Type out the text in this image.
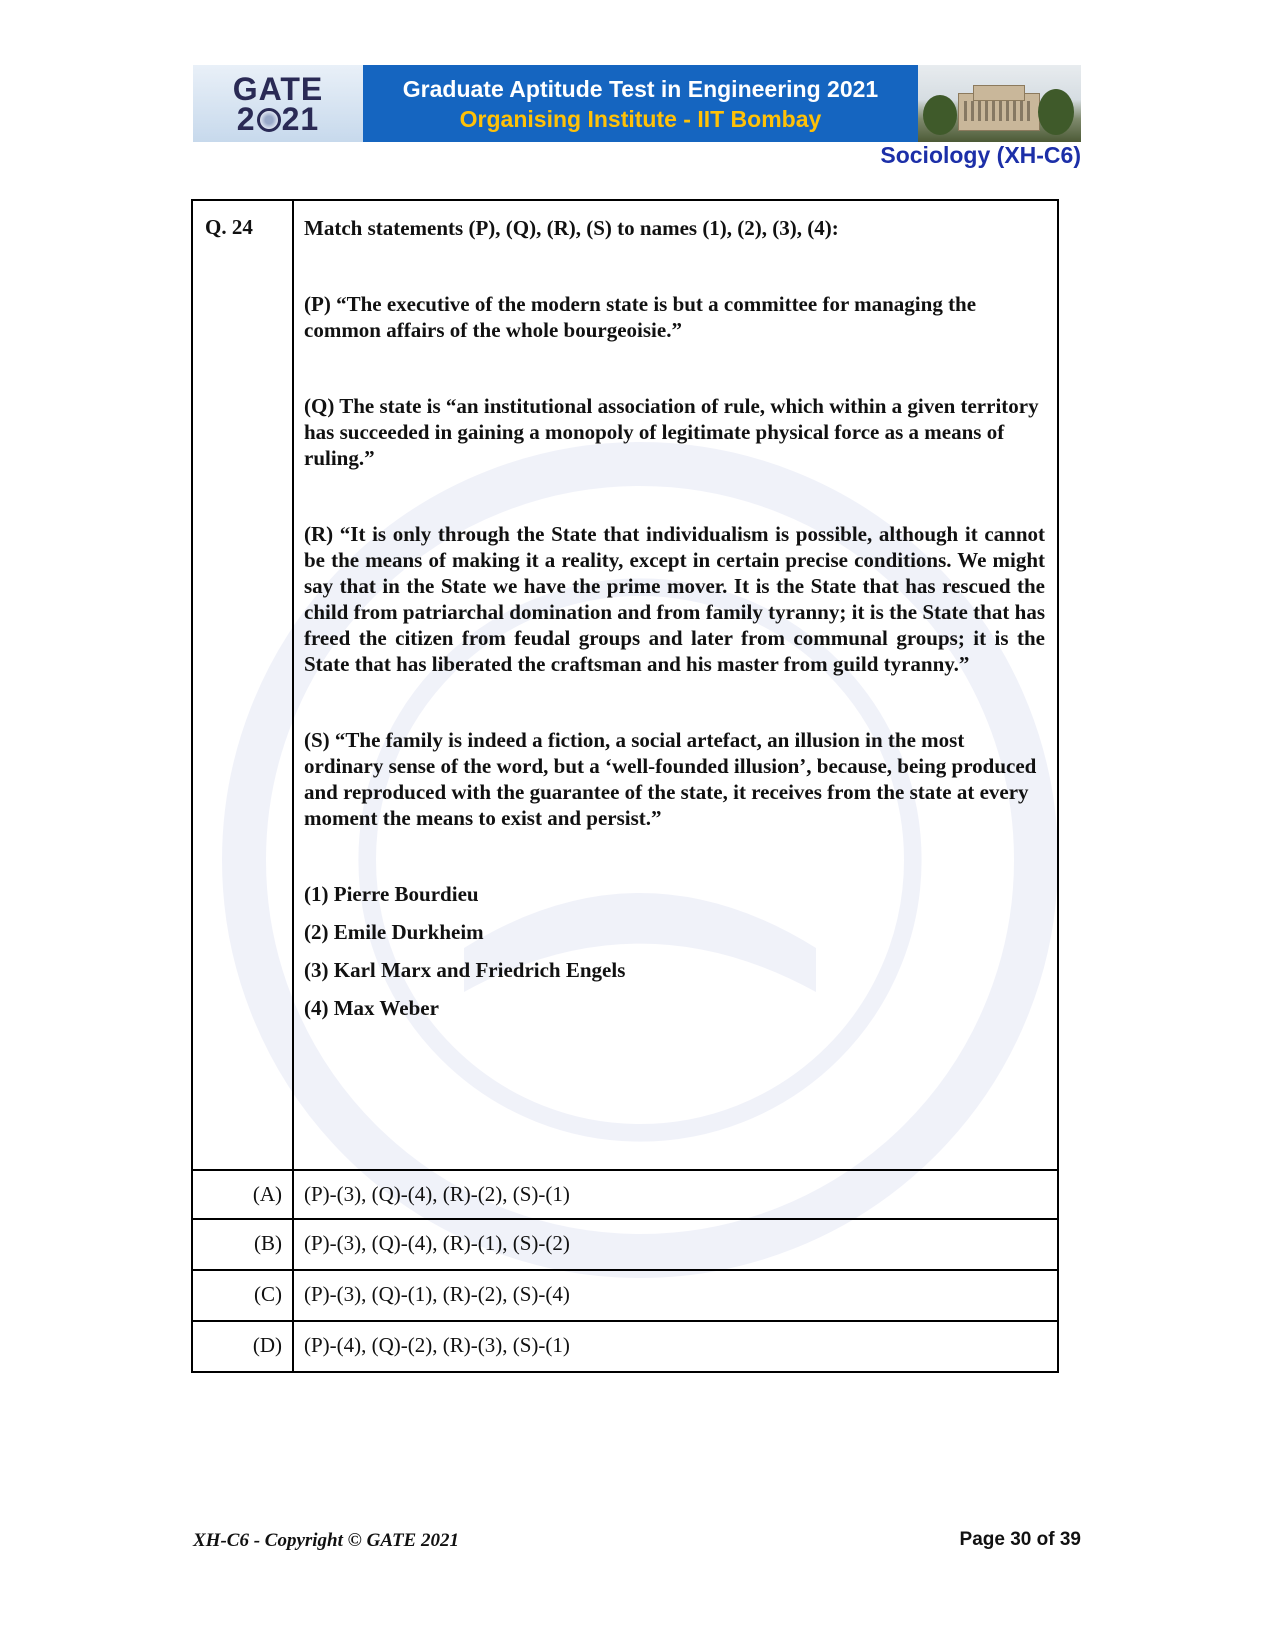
GATE
2 21
Graduate Aptitude Test in Engineering 2021
Organising Institute - IIT Bombay
Sociology (XH-C6)
Q. 24	Match statements (P), (Q), (R), (S) to names (1), (2), (3), (4):

(P) “The executive of the modern state is but a committee for managing the common affairs of the whole bourgeoisie.”

(Q) The state is “an institutional association of rule, which within a given territory has succeeded in gaining a monopoly of legitimate physical force as a means of ruling.”

(R) “It is only through the State that individualism is possible, although it cannot be the means of making it a reality, except in certain precise conditions. We might say that in the State we have the prime mover. It is the State that has rescued the child from patriarchal domination and from family tyranny; it is the State that has freed the citizen from feudal groups and later from communal groups; it is the State that has liberated the craftsman and his master from guild tyranny.”

(S) “The family is indeed a fiction, a social artefact, an illusion in the most ordinary sense of the word, but a ‘well-founded illusion’, because, being produced and reproduced with the guarantee of the state, it receives from the state at every moment the means to exist and persist.”

(1) Pierre Bourdieu

(2) Emile Durkheim

(3) Karl Marx and Friedrich Engels

(4) Max Weber

(A)	(P)-(3), (Q)-(4), (R)-(2), (S)-(1)
(B)	(P)-(3), (Q)-(4), (R)-(1), (S)-(2)
(C)	(P)-(3), (Q)-(1), (R)-(2), (S)-(4)
(D)	(P)-(4), (Q)-(2), (R)-(3), (S)-(1)
XH-C6 - Copyright © GATE 2021	Page 30 of 39
